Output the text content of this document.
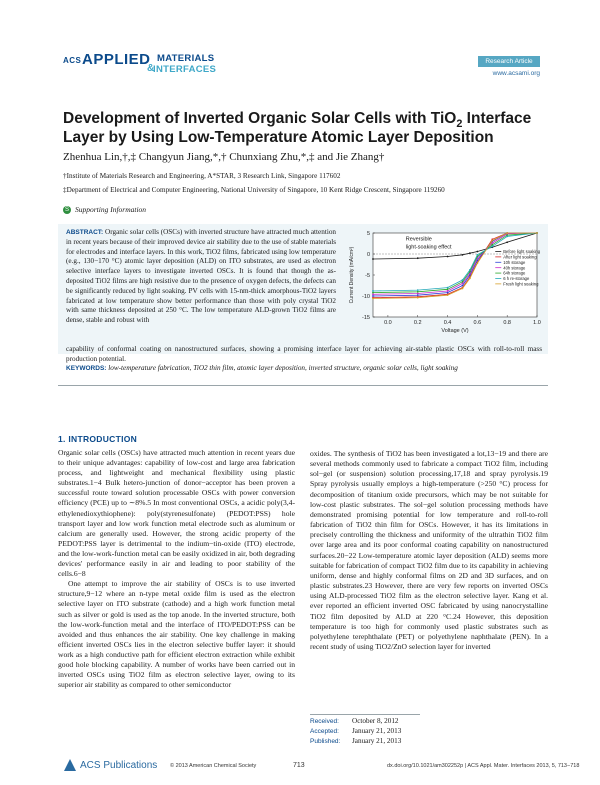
ACS APPLIED MATERIALS
&
INTERFACES
Research Article
www.acsami.org
Development of Inverted Organic Solar Cells with TiO$_2$ Interface
Layer by Using Low-Temperature Atomic Layer Deposition
Zhenhua Lin,†,‡ Changyun Jiang,*,† Chunxiang Zhu,*,‡ and Jie Zhang†
†Institute of Materials Research and Engineering, A*STAR, 3 Research Link, Singapore 117602
‡Department of Electrical and Computer Engineering, National University of Singapore, 10 Kent Ridge Crescent, Singapore 119260
S Supporting Information
ABSTRACT: Organic solar cells (OSCs) with inverted structure have attracted much attention in recent years because of their improved device air stability due to the use of stable materials for electrodes and interface layers. In this work, TiO2 films, fabricated using low temperature (e.g., 130−170 °C) atomic layer deposition (ALD) on ITO substrates, are used as electron selective interface layers to investigate inverted OSCs. It is found that though the as-deposited TiO2 films are high resistive due to the presence of oxygen defects, the defects can be significantly reduced by light soaking. PV cells with 15-nm-thick amorphous-TiO2 layers fabricated at low temperature show better performance than those with poly crystal TiO2 with same thickness deposited at 250 °C. The low temperature ALD-grown TiO2 films are dense, stable and robust with
capability of conformal coating on nanostructured surfaces, showing a promising interface layer for achieving air-stable plastic OSCs with roll-to-roll mass production potential.
5
0
-5
-10
-15
0.0	0.2	0.4	0.6	0.8	1.0
Voltage (V)
Current Density (mA/cm²)
Reversible
light-soaking effect
Before light soaking
After light soaking
10h storage
40h storage
64h storage
6 h re-storage
Fresh light soaking
KEYWORDS: low-temperature fabrication, TiO2 thin film, atomic layer deposition, inverted structure, organic solar cells, light soaking
1. INTRODUCTION

Organic solar cells (OSCs) have attracted much attention in recent years due to their unique advantages: capability of low-cost and large area fabrication process, and lightweight and mechanical flexibility using plastic substrates.1−4 Bulk hetero-junction of donor−acceptor has been proven a successful route toward solution processable OSCs with power conversion efficiency (PCE) up to ∼8%.5 In most conventional OSCs, a acidic poly(3,4-ethylenedioxythiophene): poly(styrenesulfonate) (PEDOT:PSS) hole transport layer and low work function metal electrode such as aluminum or calcium are generally used. However, the strong acidic property of the PEDOT:PSS layer is detrimental to the indium−tin-oxide (ITO) electrode, and the low-work-function metal can be easily oxidized in air, both degrading devices' performance easily in air and leading to poor stability of the cells.6−8

One attempt to improve the air stability of OSCs is to use inverted structure,9−12 where an n-type metal oxide film is used as the electron selective layer on ITO substrate (cathode) and a high work function metal such as silver or gold is used as the top anode. In the inverted structure, both the low-work-function metal and the interface of ITO/PEDOT:PSS can be avoided and thus enhances the air stability. One key challenge in making efficient inverted OSCs lies in the electron selective buffer layer: it should work as a high conductive path for efficient electron extraction while exhibit good hole blocking capability. A number of works have been carried out in inverted OSCs using TiO2 film as electron selective layer, owing to its superior air stability as compared to other semiconductor

oxides. The synthesis of TiO2 has been investigated a lot,13−19 and there are several methods commonly used to fabricate a compact TiO2 film, including sol−gel (or suspension) solution processing,17,18 and spray pyrolysis.19 Spray pyrolysis usually employs a high-temperature (>250 °C) process for decomposition of titanium oxide precursors, which may be not suitable for low-cost plastic substrates. The sol−gel solution processing methods have demonstrated promising potential for low temperature and roll-to-roll fabrication of TiO2 thin film for OSCs. However, it has its limitations in precisely controlling the thickness and uniformity of the ultrathin TiO2 film over large area and its poor conformal coating capability on nanostructured surfaces.20−22 Low-temperature atomic layer deposition (ALD) seems more suitable for fabrication of compact TiO2 film due to its capability in achieving uniform, dense and highly conformal films on 2D and 3D surfaces, and on plastic substrates.23 However, there are very few reports on inverted OSCs using ALD-processed TiO2 film as the electron selective layer. Kang et al. ever reported an efficient inverted OSC fabricated by using nanocrystalline TiO2 film deposited by ALD at 220 °C.24 However, this deposition temperature is too high for commonly used plastic substrates such as polyethylene terephthalate (PET) or polyethylene naphthalate (PEN). In a recent study of using TiO2/ZnO selection layer for inverted

Received: October 8, 2012
Accepted: January 21, 2013
Published: January 21, 2013
ACS Publications © 2013 American Chemical Society	713	dx.doi.org/10.1021/am302252p | ACS Appl. Mater. Interfaces 2013, 5, 713−718
